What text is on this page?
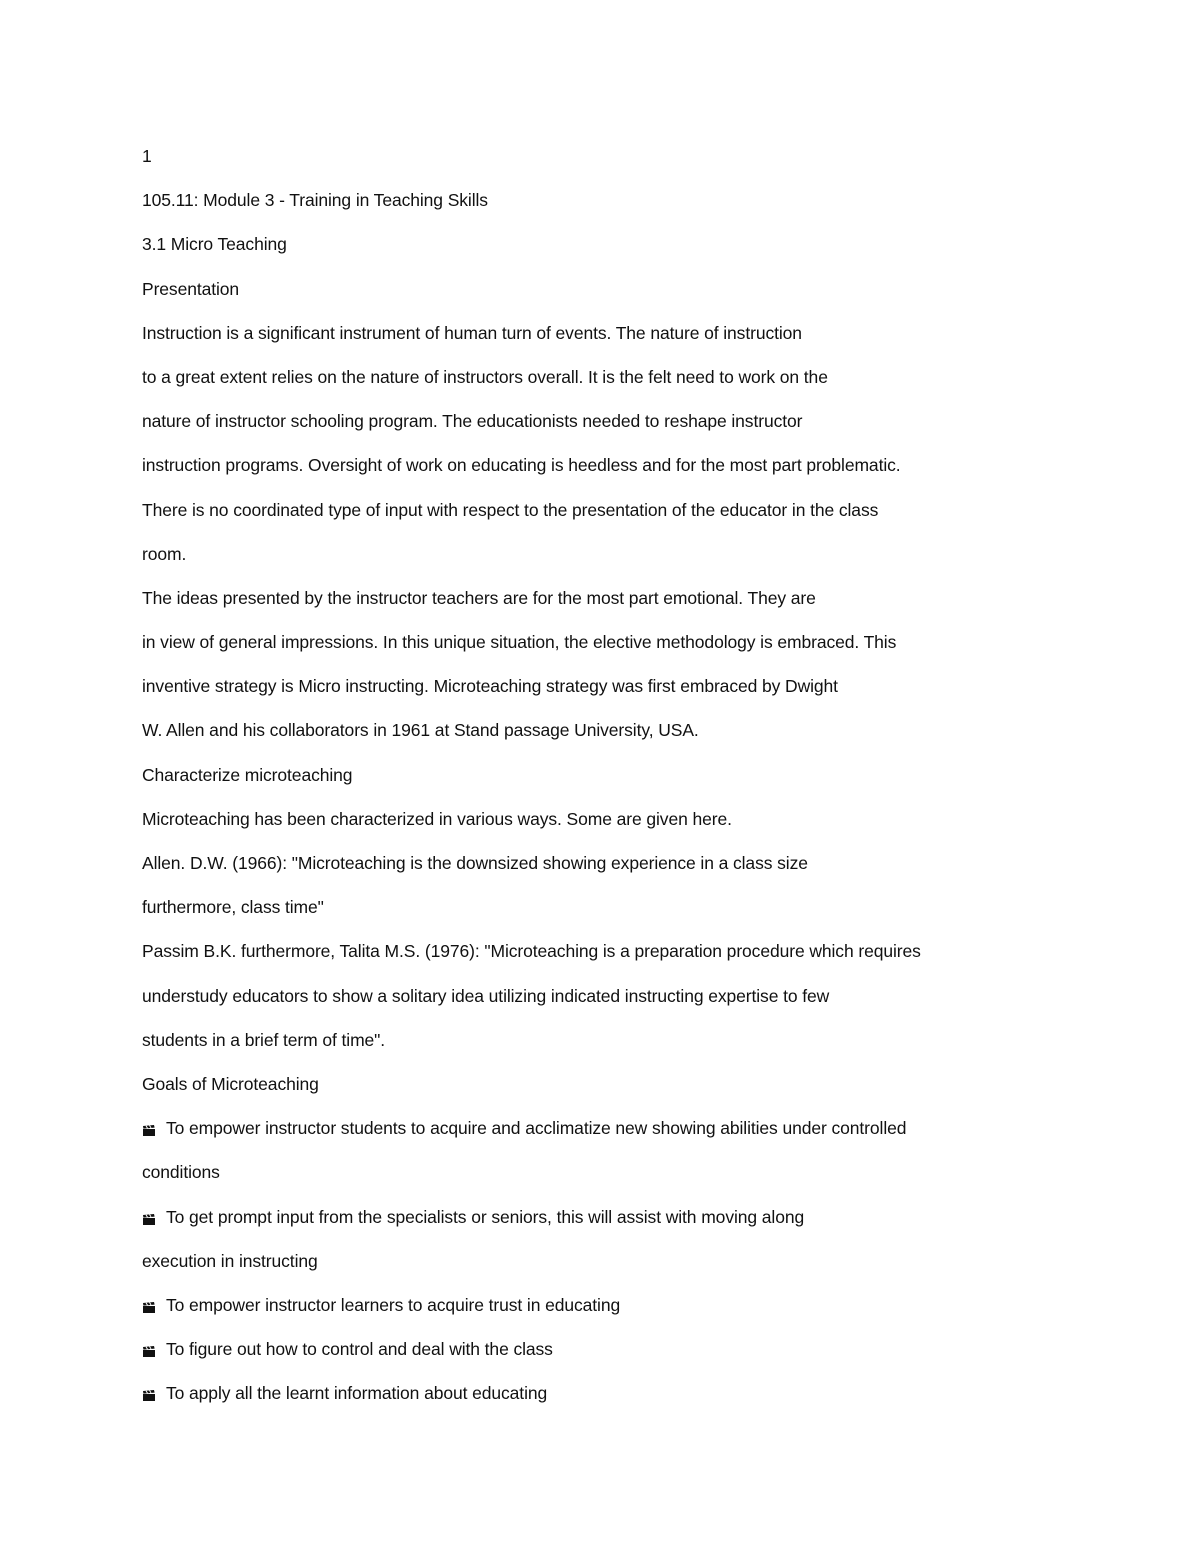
1
105.11: Module 3 - Training in Teaching Skills
3.1 Micro Teaching
Presentation
Instruction is a significant instrument of human turn of events. The nature of instruction
to a great extent relies on the nature of instructors overall. It is the felt need to work on the
nature of instructor schooling program. The educationists needed to reshape instructor
instruction programs. Oversight of work on educating is heedless and for the most part problematic.
There is no coordinated type of input with respect to the presentation of the educator in the class
room.
The ideas presented by the instructor teachers are for the most part emotional. They are
in view of general impressions. In this unique situation, the elective methodology is embraced. This
inventive strategy is Micro instructing. Microteaching strategy was first embraced by Dwight
W. Allen and his collaborators in 1961 at Stand passage University, USA.
Characterize microteaching
Microteaching has been characterized in various ways. Some are given here.
Allen. D.W. (1966): "Microteaching is the downsized showing experience in a class size
furthermore, class time"
Passim B.K. furthermore, Talita M.S. (1976): "Microteaching is a preparation procedure which requires
understudy educators to show a solitary idea utilizing indicated instructing expertise to few
students in a brief term of time".
Goals of Microteaching
To empower instructor students to acquire and acclimatize new showing abilities under controlled
conditions
To get prompt input from the specialists or seniors, this will assist with moving along
execution in instructing
To empower instructor learners to acquire trust in educating
To figure out how to control and deal with the class
To apply all the learnt information about educating
